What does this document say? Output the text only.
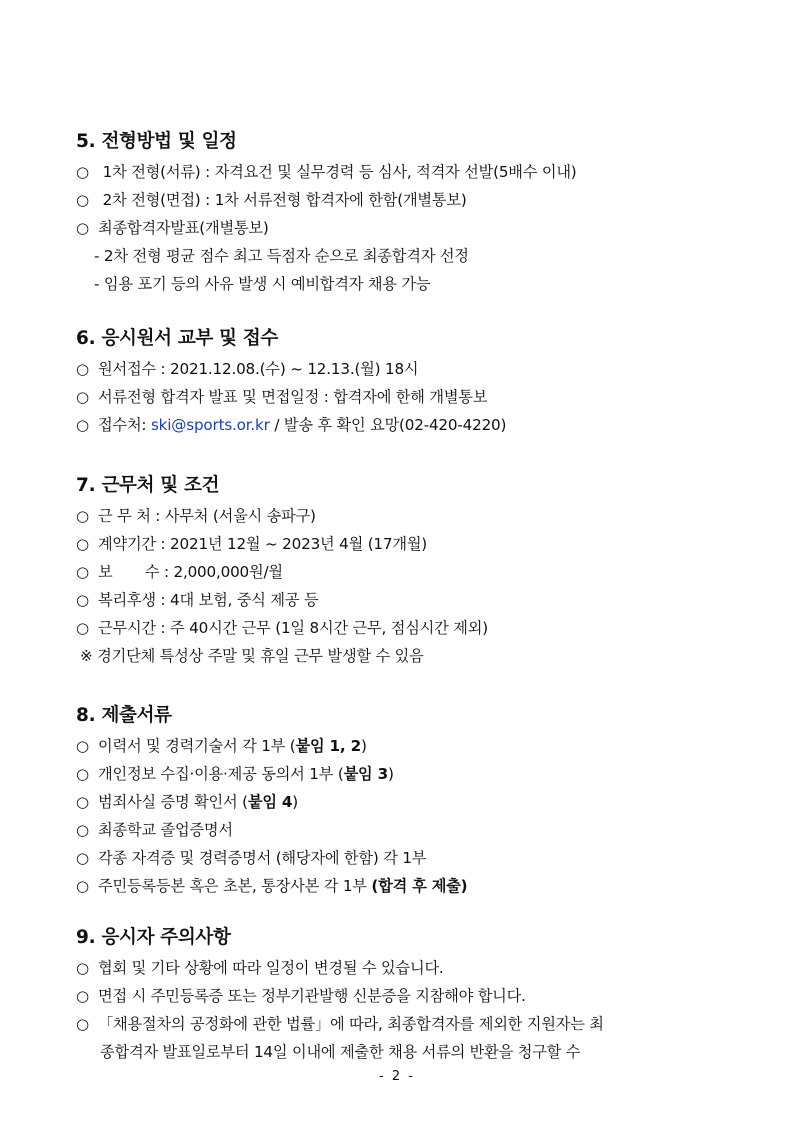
5. 전형방법 및 일정
○ 1차 전형(서류) : 자격요건 및 실무경력 등 심사, 적격자 선발(5배수 이내)
○ 2차 전형(면접) : 1차 서류전형 합격자에 한함(개별통보)
○ 최종합격자발표(개별통보)
- 2차 전형 평균 점수 최고 득점자 순으로 최종합격자 선정
- 임용 포기 등의 사유 발생 시 예비합격자 채용 가능
6. 응시원서 교부 및 접수
○ 원서접수 : 2021.12.08.(수) ~ 12.13.(월) 18시
○ 서류전형 합격자 발표 및 면접일정 : 합격자에 한해 개별통보
○ 접수처: ski@sports.or.kr / 발송 후 확인 요망(02-420-4220)
7. 근무처 및 조건
○ 근 무 처 : 사무처 (서울시 송파구)
○ 계약기간 : 2021년 12월 ~ 2023년 4월 (17개월)
○ 보       수 : 2,000,000원/월
○ 복리후생 : 4대 보험, 중식 제공 등
○ 근무시간 : 주 40시간 근무 (1일 8시간 근무, 점심시간 제외)
※ 경기단체 특성상 주말 및 휴일 근무 발생할 수 있음
8. 제출서류
○ 이력서 및 경력기술서 각 1부 (붙임 1, 2)
○ 개인정보 수집·이용·제공 동의서 1부 (붙임 3)
○ 범죄사실 증명 확인서 (붙임 4)
○ 최종학교 졸업증명서
○ 각종 자격증 및 경력증명서 (해당자에 한함) 각 1부
○ 주민등록등본 혹은 초본, 통장사본 각 1부 (합격 후 제출)
9. 응시자 주의사항
○ 협회 및 기타 상황에 따라 일정이 변경될 수 있습니다.
○ 면접 시 주민등록증 또는 정부기관발행 신분증을 지참해야 합니다.
○ 「채용절차의 공정화에 관한 법률」에 따라, 최종합격자를 제외한 지원자는 최
종합격자 발표일로부터 14일 이내에 제출한 채용 서류의 반환을 청구할 수
- 2 -
